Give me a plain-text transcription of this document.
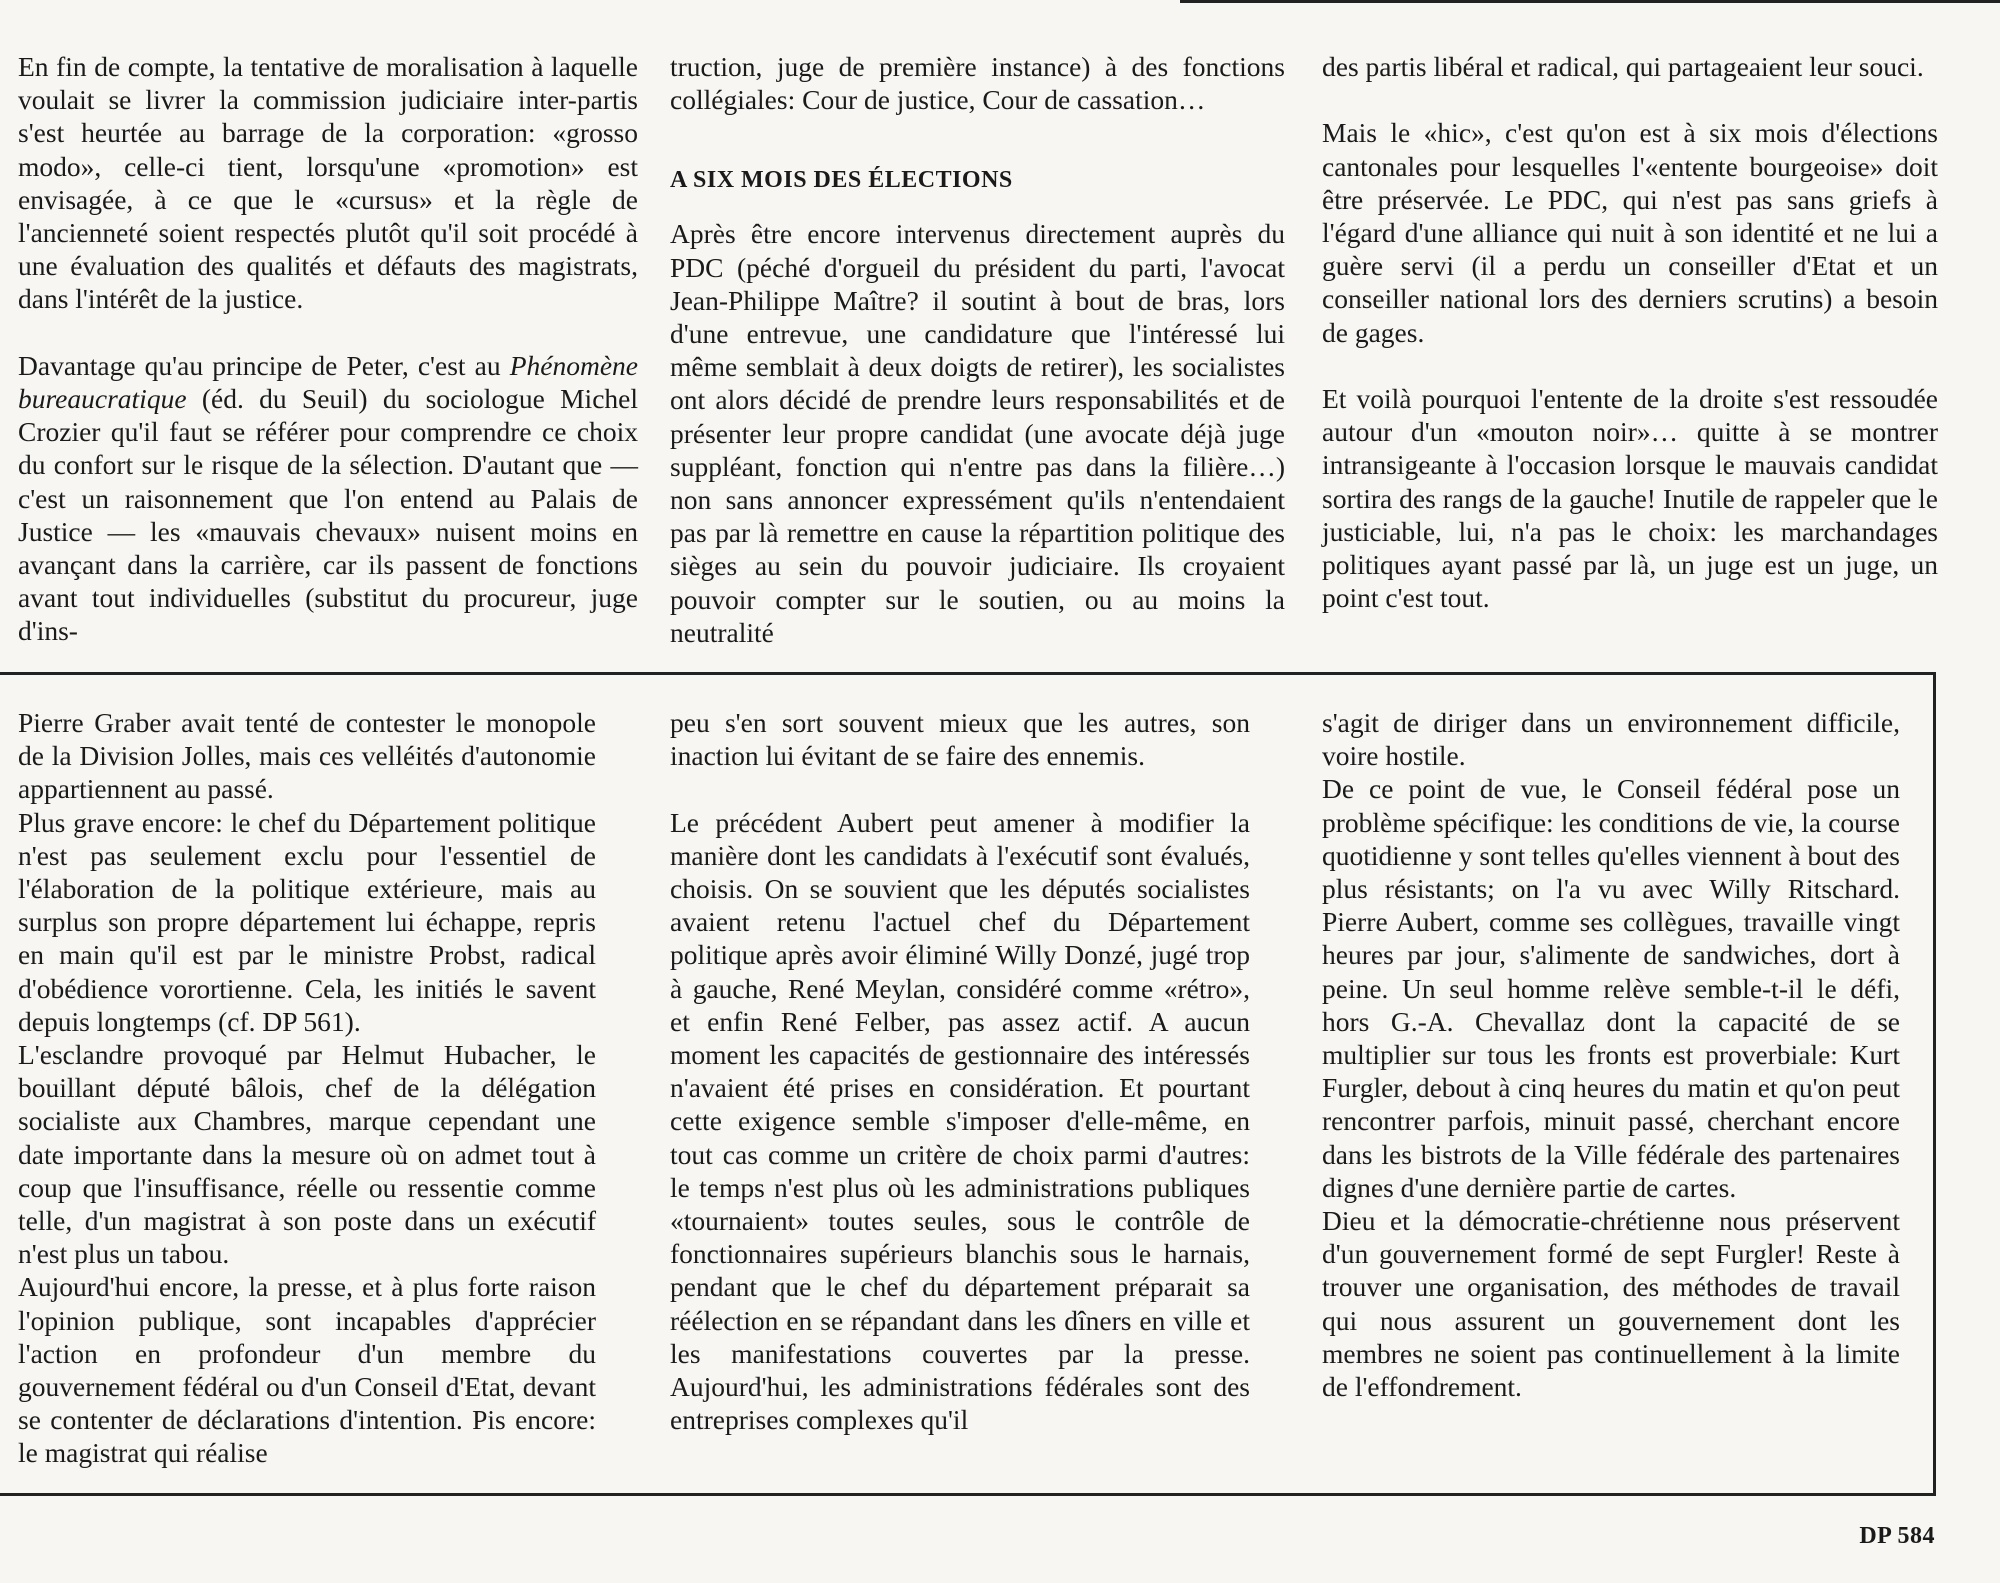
En fin de compte, la tentative de moralisation à laquelle voulait se livrer la commission judiciaire inter-partis s'est heurtée au barrage de la corporation: «grosso modo», celle-ci tient, lorsqu'une «promotion» est envisagée, à ce que le «cursus» et la règle de l'ancienneté soient respectés plutôt qu'il soit procédé à une évaluation des qualités et défauts des magistrats, dans l'intérêt de la justice.

Davantage qu'au principe de Peter, c'est au Phénomène bureaucratique (éd. du Seuil) du sociologue Michel Crozier qu'il faut se référer pour comprendre ce choix du confort sur le risque de la sélection. D'autant que — c'est un raisonnement que l'on entend au Palais de Justice — les «mauvais chevaux» nuisent moins en avançant dans la carrière, car ils passent de fonctions avant tout individuelles (substitut du procureur, juge d'ins-

truction, juge de première instance) à des fonctions collégiales: Cour de justice, Cour de cassation…

A SIX MOIS DES ÉLECTIONS

Après être encore intervenus directement auprès du PDC (péché d'orgueil du président du parti, l'avocat Jean-Philippe Maître? il soutint à bout de bras, lors d'une entrevue, une candidature que l'intéressé lui même semblait à deux doigts de retirer), les socialistes ont alors décidé de prendre leurs responsabilités et de présenter leur propre candidat (une avocate déjà juge suppléant, fonction qui n'entre pas dans la filière…) non sans annoncer expressément qu'ils n'entendaient pas par là remettre en cause la répartition politique des sièges au sein du pouvoir judiciaire. Ils croyaient pouvoir compter sur le soutien, ou au moins la neutralité

des partis libéral et radical, qui partageaient leur souci.

Mais le «hic», c'est qu'on est à six mois d'élections cantonales pour lesquelles l'«entente bourgeoise» doit être préservée. Le PDC, qui n'est pas sans griefs à l'égard d'une alliance qui nuit à son identité et ne lui a guère servi (il a perdu un conseiller d'Etat et un conseiller national lors des derniers scrutins) a besoin de gages.

Et voilà pourquoi l'entente de la droite s'est ressoudée autour d'un «mouton noir»… quitte à se montrer intransigeante à l'occasion lorsque le mauvais candidat sortira des rangs de la gauche! Inutile de rappeler que le justiciable, lui, n'a pas le choix: les marchandages politiques ayant passé par là, un juge est un juge, un point c'est tout.

Pierre Graber avait tenté de contester le monopole de la Division Jolles, mais ces velléités d'autonomie appartiennent au passé.

Plus grave encore: le chef du Département politique n'est pas seulement exclu pour l'essentiel de l'élaboration de la politique extérieure, mais au surplus son propre département lui échappe, repris en main qu'il est par le ministre Probst, radical d'obédience vorortienne. Cela, les initiés le savent depuis longtemps (cf. DP 561).

L'esclandre provoqué par Helmut Hubacher, le bouillant député bâlois, chef de la délégation socialiste aux Chambres, marque cependant une date importante dans la mesure où on admet tout à coup que l'insuffisance, réelle ou ressentie comme telle, d'un magistrat à son poste dans un exécutif n'est plus un tabou.

Aujourd'hui encore, la presse, et à plus forte raison l'opinion publique, sont incapables d'apprécier l'action en profondeur d'un membre du gouvernement fédéral ou d'un Conseil d'Etat, devant se contenter de déclarations d'intention. Pis encore: le magistrat qui réalise

peu s'en sort souvent mieux que les autres, son inaction lui évitant de se faire des ennemis.

Le précédent Aubert peut amener à modifier la manière dont les candidats à l'exécutif sont évalués, choisis. On se souvient que les députés socialistes avaient retenu l'actuel chef du Département politique après avoir éliminé Willy Donzé, jugé trop à gauche, René Meylan, considéré comme «rétro», et enfin René Felber, pas assez actif. A aucun moment les capacités de gestionnaire des intéressés n'avaient été prises en considération. Et pourtant cette exigence semble s'imposer d'elle-même, en tout cas comme un critère de choix parmi d'autres: le temps n'est plus où les administrations publiques «tournaient» toutes seules, sous le contrôle de fonctionnaires supérieurs blanchis sous le harnais, pendant que le chef du département préparait sa réélection en se répandant dans les dîners en ville et les manifestations couvertes par la presse. Aujourd'hui, les administrations fédérales sont des entreprises complexes qu'il

s'agit de diriger dans un environnement difficile, voire hostile.

De ce point de vue, le Conseil fédéral pose un problème spécifique: les conditions de vie, la course quotidienne y sont telles qu'elles viennent à bout des plus résistants; on l'a vu avec Willy Ritschard. Pierre Aubert, comme ses collègues, travaille vingt heures par jour, s'alimente de sandwiches, dort à peine. Un seul homme relève semble-t-il le défi, hors G.-A. Chevallaz dont la capacité de se multiplier sur tous les fronts est proverbiale: Kurt Furgler, debout à cinq heures du matin et qu'on peut rencontrer parfois, minuit passé, cherchant encore dans les bistrots de la Ville fédérale des partenaires dignes d'une dernière partie de cartes.

Dieu et la démocratie-chrétienne nous préservent d'un gouvernement formé de sept Furgler! Reste à trouver une organisation, des méthodes de travail qui nous assurent un gouvernement dont les membres ne soient pas continuellement à la limite de l'effondrement.

DP 584
